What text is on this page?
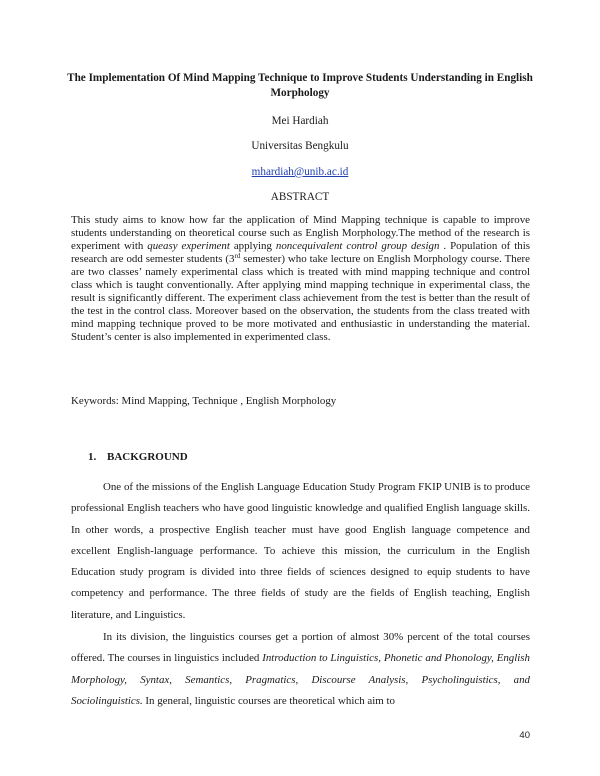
The Implementation Of Mind Mapping Technique to Improve Students Understanding in English Morphology
Mei Hardiah
Universitas Bengkulu
mhardiah@unib.ac.id
ABSTRACT
This study aims to know how far the application of Mind Mapping technique is capable to improve students understanding on theoretical course such as English Morphology.The method of the research is experiment with queasy experiment applying noncequivalent control group design . Population of this research are odd semester students (3rd semester) who take lecture on English Morphology course. There are two classes’ namely experimental class which is treated with mind mapping technique and control class which is taught conventionally. After applying mind mapping technique in experimental class, the result is significantly different. The experiment class achievement from the test is better than the result of the test in the control class. Moreover based on the observation, the students from the class treated with mind mapping technique proved to be more motivated and enthusiastic in understanding the material. Student’s center is also implemented in experimented class.
Keywords: Mind Mapping, Technique , English Morphology
1. BACKGROUND
One of the missions of the English Language Education Study Program FKIP UNIB is to produce professional English teachers who have good linguistic knowledge and qualified English language skills. In other words, a prospective English teacher must have good English language competence and excellent English-language performance. To achieve this mission, the curriculum in the English Education study program is divided into three fields of sciences designed to equip students to have competency and performance. The three fields of study are the fields of English teaching, English literature, and Linguistics.
In its division, the linguistics courses get a portion of almost 30% percent of the total courses offered. The courses in linguistics included Introduction to Linguistics, Phonetic and Phonology, English Morphology, Syntax, Semantics, Pragmatics, Discourse Analysis, Psycholinguistics, and Sociolinguistics. In general, linguistic courses are theoretical which aim to
40
